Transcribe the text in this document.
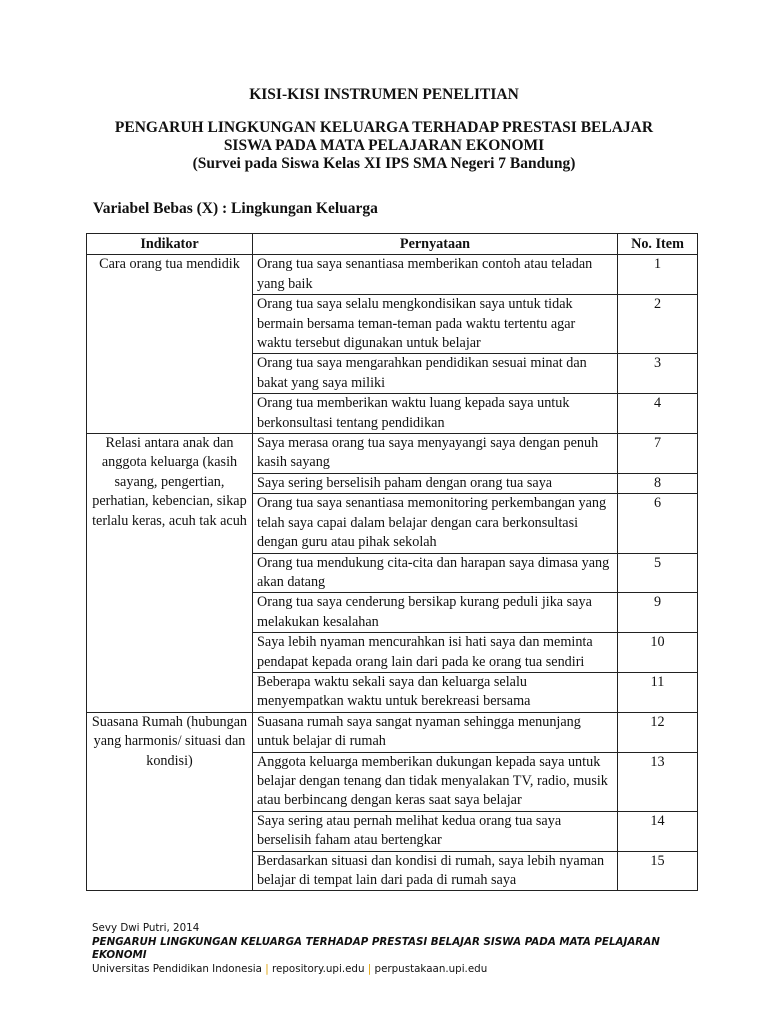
KISI-KISI INSTRUMEN PENELITIAN
PENGARUH LINGKUNGAN KELUARGA TERHADAP PRESTASI BELAJAR
SISWA PADA MATA PELAJARAN EKONOMI
(Survei pada Siswa Kelas XI IPS SMA Negeri 7 Bandung)
Variabel Bebas (X) : Lingkungan Keluarga
Indikator	Pernyataan	No. Item
Cara orang tua mendidik	Orang tua saya senantiasa memberikan contoh atau teladan yang baik	1
	Orang tua saya selalu mengkondisikan saya untuk tidak bermain bersama teman-teman pada waktu tertentu agar waktu tersebut digunakan untuk belajar	2
	Orang tua saya mengarahkan pendidikan sesuai minat dan bakat yang saya miliki	3
	Orang tua memberikan waktu luang kepada saya untuk berkonsultasi tentang pendidikan	4
Relasi antara anak dan anggota keluarga (kasih sayang, pengertian, perhatian, kebencian, sikap terlalu keras, acuh tak acuh	Saya merasa orang tua saya menyayangi saya dengan penuh kasih sayang	7
	Saya sering berselisih paham dengan orang tua saya	8
	Orang tua saya senantiasa memonitoring perkembangan yang telah saya capai dalam belajar dengan cara berkonsultasi dengan guru atau pihak sekolah	6
	Orang tua mendukung cita-cita dan harapan saya dimasa yang akan datang	5
	Orang tua saya cenderung bersikap kurang peduli jika saya melakukan kesalahan	9
	Saya lebih nyaman mencurahkan isi hati saya dan meminta pendapat kepada orang lain dari pada ke orang tua sendiri	10
	Beberapa waktu sekali saya dan keluarga selalu menyempatkan waktu untuk berekreasi bersama	11
Suasana Rumah (hubungan yang harmonis/ situasi dan kondisi)	Suasana rumah saya sangat nyaman sehingga menunjang untuk belajar di rumah	12
	Anggota keluarga memberikan dukungan kepada saya untuk belajar dengan tenang dan tidak menyalakan TV, radio, musik atau berbincang dengan keras saat saya belajar	13
	Saya sering atau pernah melihat kedua orang tua saya berselisih faham atau bertengkar	14
	Berdasarkan situasi dan kondisi di rumah, saya lebih nyaman belajar di tempat lain dari pada di rumah saya	15
Sevy Dwi Putri, 2014
PENGARUH LINGKUNGAN KELUARGA TERHADAP PRESTASI BELAJAR SISWA PADA MATA PELAJARAN
EKONOMI
Universitas Pendidikan Indonesia | repository.upi.edu | perpustakaan.upi.edu
